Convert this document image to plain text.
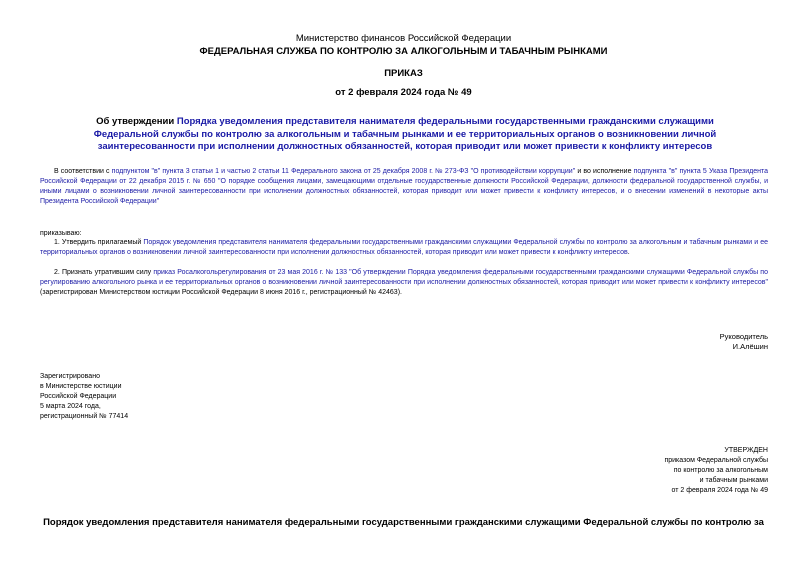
Министерство финансов Российской Федерации
ФЕДЕРАЛЬНАЯ СЛУЖБА ПО КОНТРОЛЮ ЗА АЛКОГОЛЬНЫМ И ТАБАЧНЫМ РЫНКАМИ
ПРИКАЗ
от 2 февраля 2024 года № 49
Об утверждении Порядка уведомления представителя нанимателя федеральными государственными гражданскими служащими Федеральной службы по контролю за алкогольным и табачным рынками и ее территориальных органов о возникновении личной заинтересованности при исполнении должностных обязанностей, которая приводит или может привести к конфликту интересов
В соответствии с подпунктом "в" пункта 3 статьи 1 и частью 2 статьи 11 Федерального закона от 25 декабря 2008 г. № 273-ФЗ "О противодействии коррупции" и во исполнение подпункта "в" пункта 5 Указа Президента Российской Федерации от 22 декабря 2015 г. № 650 "О порядке сообщения лицами, замещающими отдельные государственные должности Российской Федерации, должности федеральной государственной службы, и иными лицами о возникновении личной заинтересованности при исполнении должностных обязанностей, которая приводит или может привести к конфликту интересов, и о внесении изменений в некоторые акты Президента Российской Федерации"
приказываю:
1. Утвердить прилагаемый Порядок уведомления представителя нанимателя федеральными государственными гражданскими служащими Федеральной службы по контролю за алкогольным и табачным рынками и ее территориальных органов о возникновении личной заинтересованности при исполнении должностных обязанностей, которая приводит или может привести к конфликту интересов.
2. Признать утратившим силу приказ Росалкогольрегулирования от 23 мая 2016 г. № 133 "Об утверждении Порядка уведомления федеральными государственными гражданскими служащими Федеральной службы по регулированию алкогольного рынка и ее территориальных органов о возникновении личной заинтересованности при исполнении должностных обязанностей, которая приводит или может привести к конфликту интересов" (зарегистрирован Министерством юстиции Российской Федерации 8 июня 2016 г., регистрационный № 42463).
Руководитель
И.Алёшин
Зарегистрировано
в Министерстве юстиции
Российской Федерации
5 марта 2024 года,
регистрационный № 77414
УТВЕРЖДЕН
приказом Федеральной службы
по контролю за алкогольным
и табачным рынками
от 2 февраля 2024 года № 49
Порядок уведомления представителя нанимателя федеральными государственными гражданскими служащими Федеральной службы по контролю за
